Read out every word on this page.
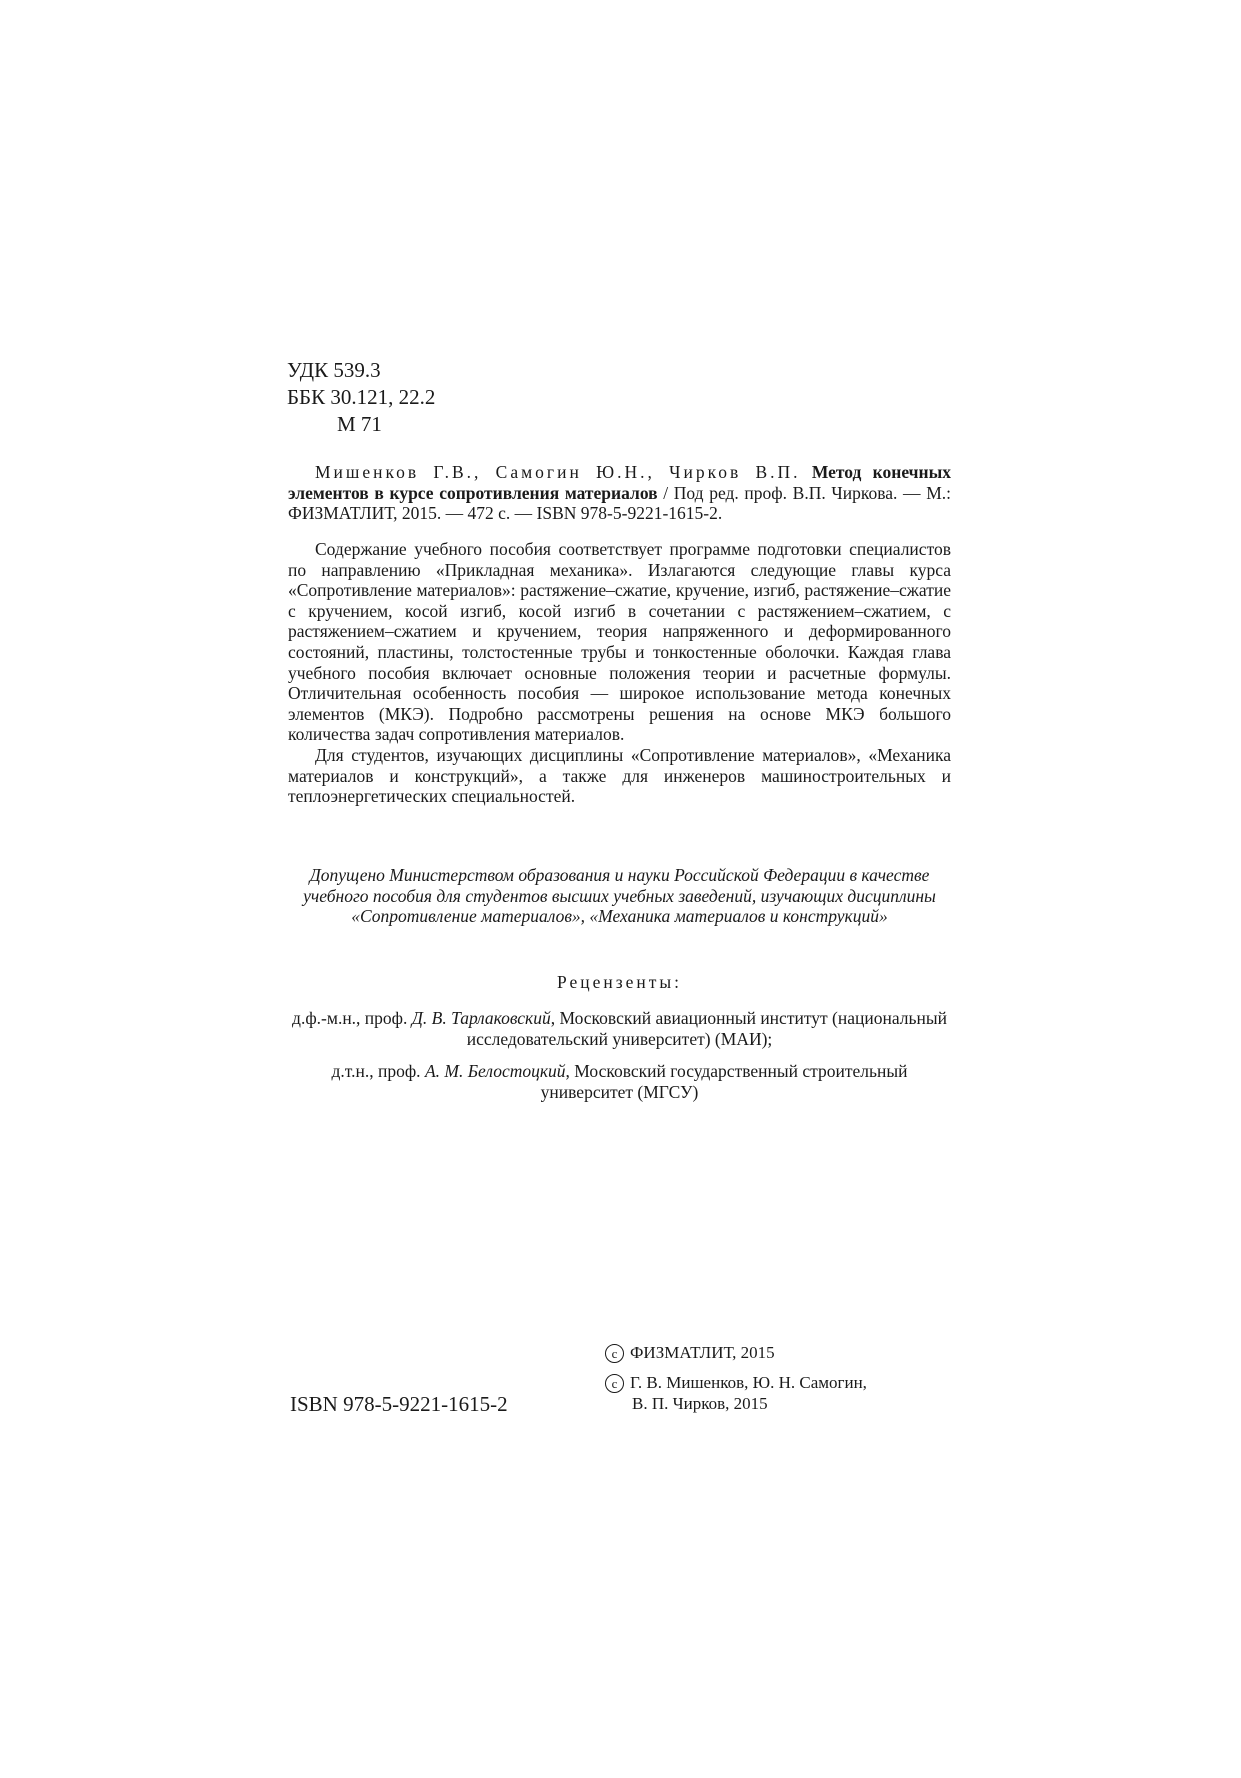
УДК 539.3
ББК 30.121, 22.2
М 71

Мишенков Г.В., Самогин Ю.Н., Чирков В.П. Метод конечных элементов в курсе сопротивления материалов / Под ред. проф. В.П. Чиркова. — М.: ФИЗМАТЛИТ, 2015. — 472 с. — ISBN 978-5-9221-1615-2.

Содержание учебного пособия соответствует программе подготовки специалистов по направлению «Прикладная механика». Излагаются следующие главы курса «Сопротивление материалов»: растяжение–сжатие, кручение, изгиб, растяжение–сжатие с кручением, косой изгиб, косой изгиб в сочетании с растяжением–сжатием, с растяжением–сжатием и кручением, теория напряженного и деформированного состояний, пластины, толстостенные трубы и тонкостенные оболочки. Каждая глава учебного пособия включает основные положения теории и расчетные формулы. Отличительная особенность пособия — широкое использование метода конечных элементов (МКЭ). Подробно рассмотрены решения на основе МКЭ большого количества задач сопротивления материалов.

Для студентов, изучающих дисциплины «Сопротивление материалов», «Механика материалов и конструкций», а также для инженеров машиностроительных и теплоэнергетических специальностей.

Допущено Министерством образования и науки Российской Федерации в качестве учебного пособия для студентов высших учебных заведений, изучающих дисциплины «Сопротивление материалов», «Механика материалов и конструкций»
Рецензенты:
д.ф.-м.н., проф. Д. В. Тарлаковский, Московский авиационный институт (национальный исследовательский университет) (МАИ);
д.т.н., проф. А. М. Белостоцкий, Московский государственный строительный университет (МГСУ)
ISBN 978-5-9221-1615-2
c ФИЗМАТЛИТ, 2015
c Г. В. Мишенков, Ю. Н. Самогин,
В. П. Чирков, 2015
